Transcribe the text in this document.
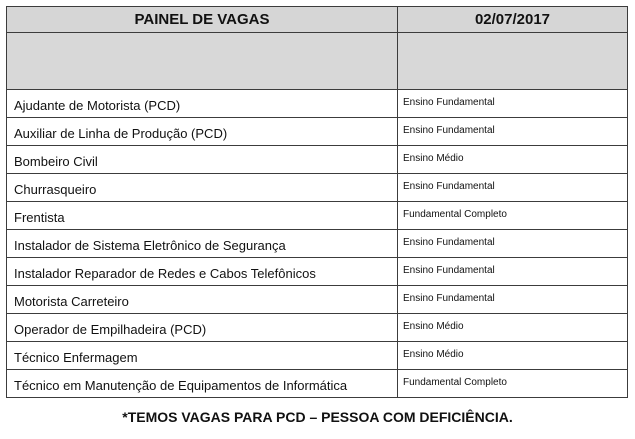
PAINEL DE VAGAS	02/07/2017

Ajudante de Motorista (PCD)	Ensino Fundamental

Auxiliar de Linha de Produção (PCD)	Ensino Fundamental

Bombeiro Civil	Ensino Médio

Churrasqueiro	Ensino Fundamental

Frentista	Fundamental Completo

Instalador de Sistema Eletrônico de Segurança	Ensino Fundamental

Instalador Reparador de Redes e Cabos Telefônicos	Ensino Fundamental

Motorista Carreteiro	Ensino Fundamental

Operador de Empilhadeira (PCD)	Ensino Médio

Técnico Enfermagem	Ensino Médio

Técnico em Manutenção de Equipamentos de Informática	Fundamental Completo
*TEMOS VAGAS PARA PCD – PESSOA COM DEFICIÊNCIA.
